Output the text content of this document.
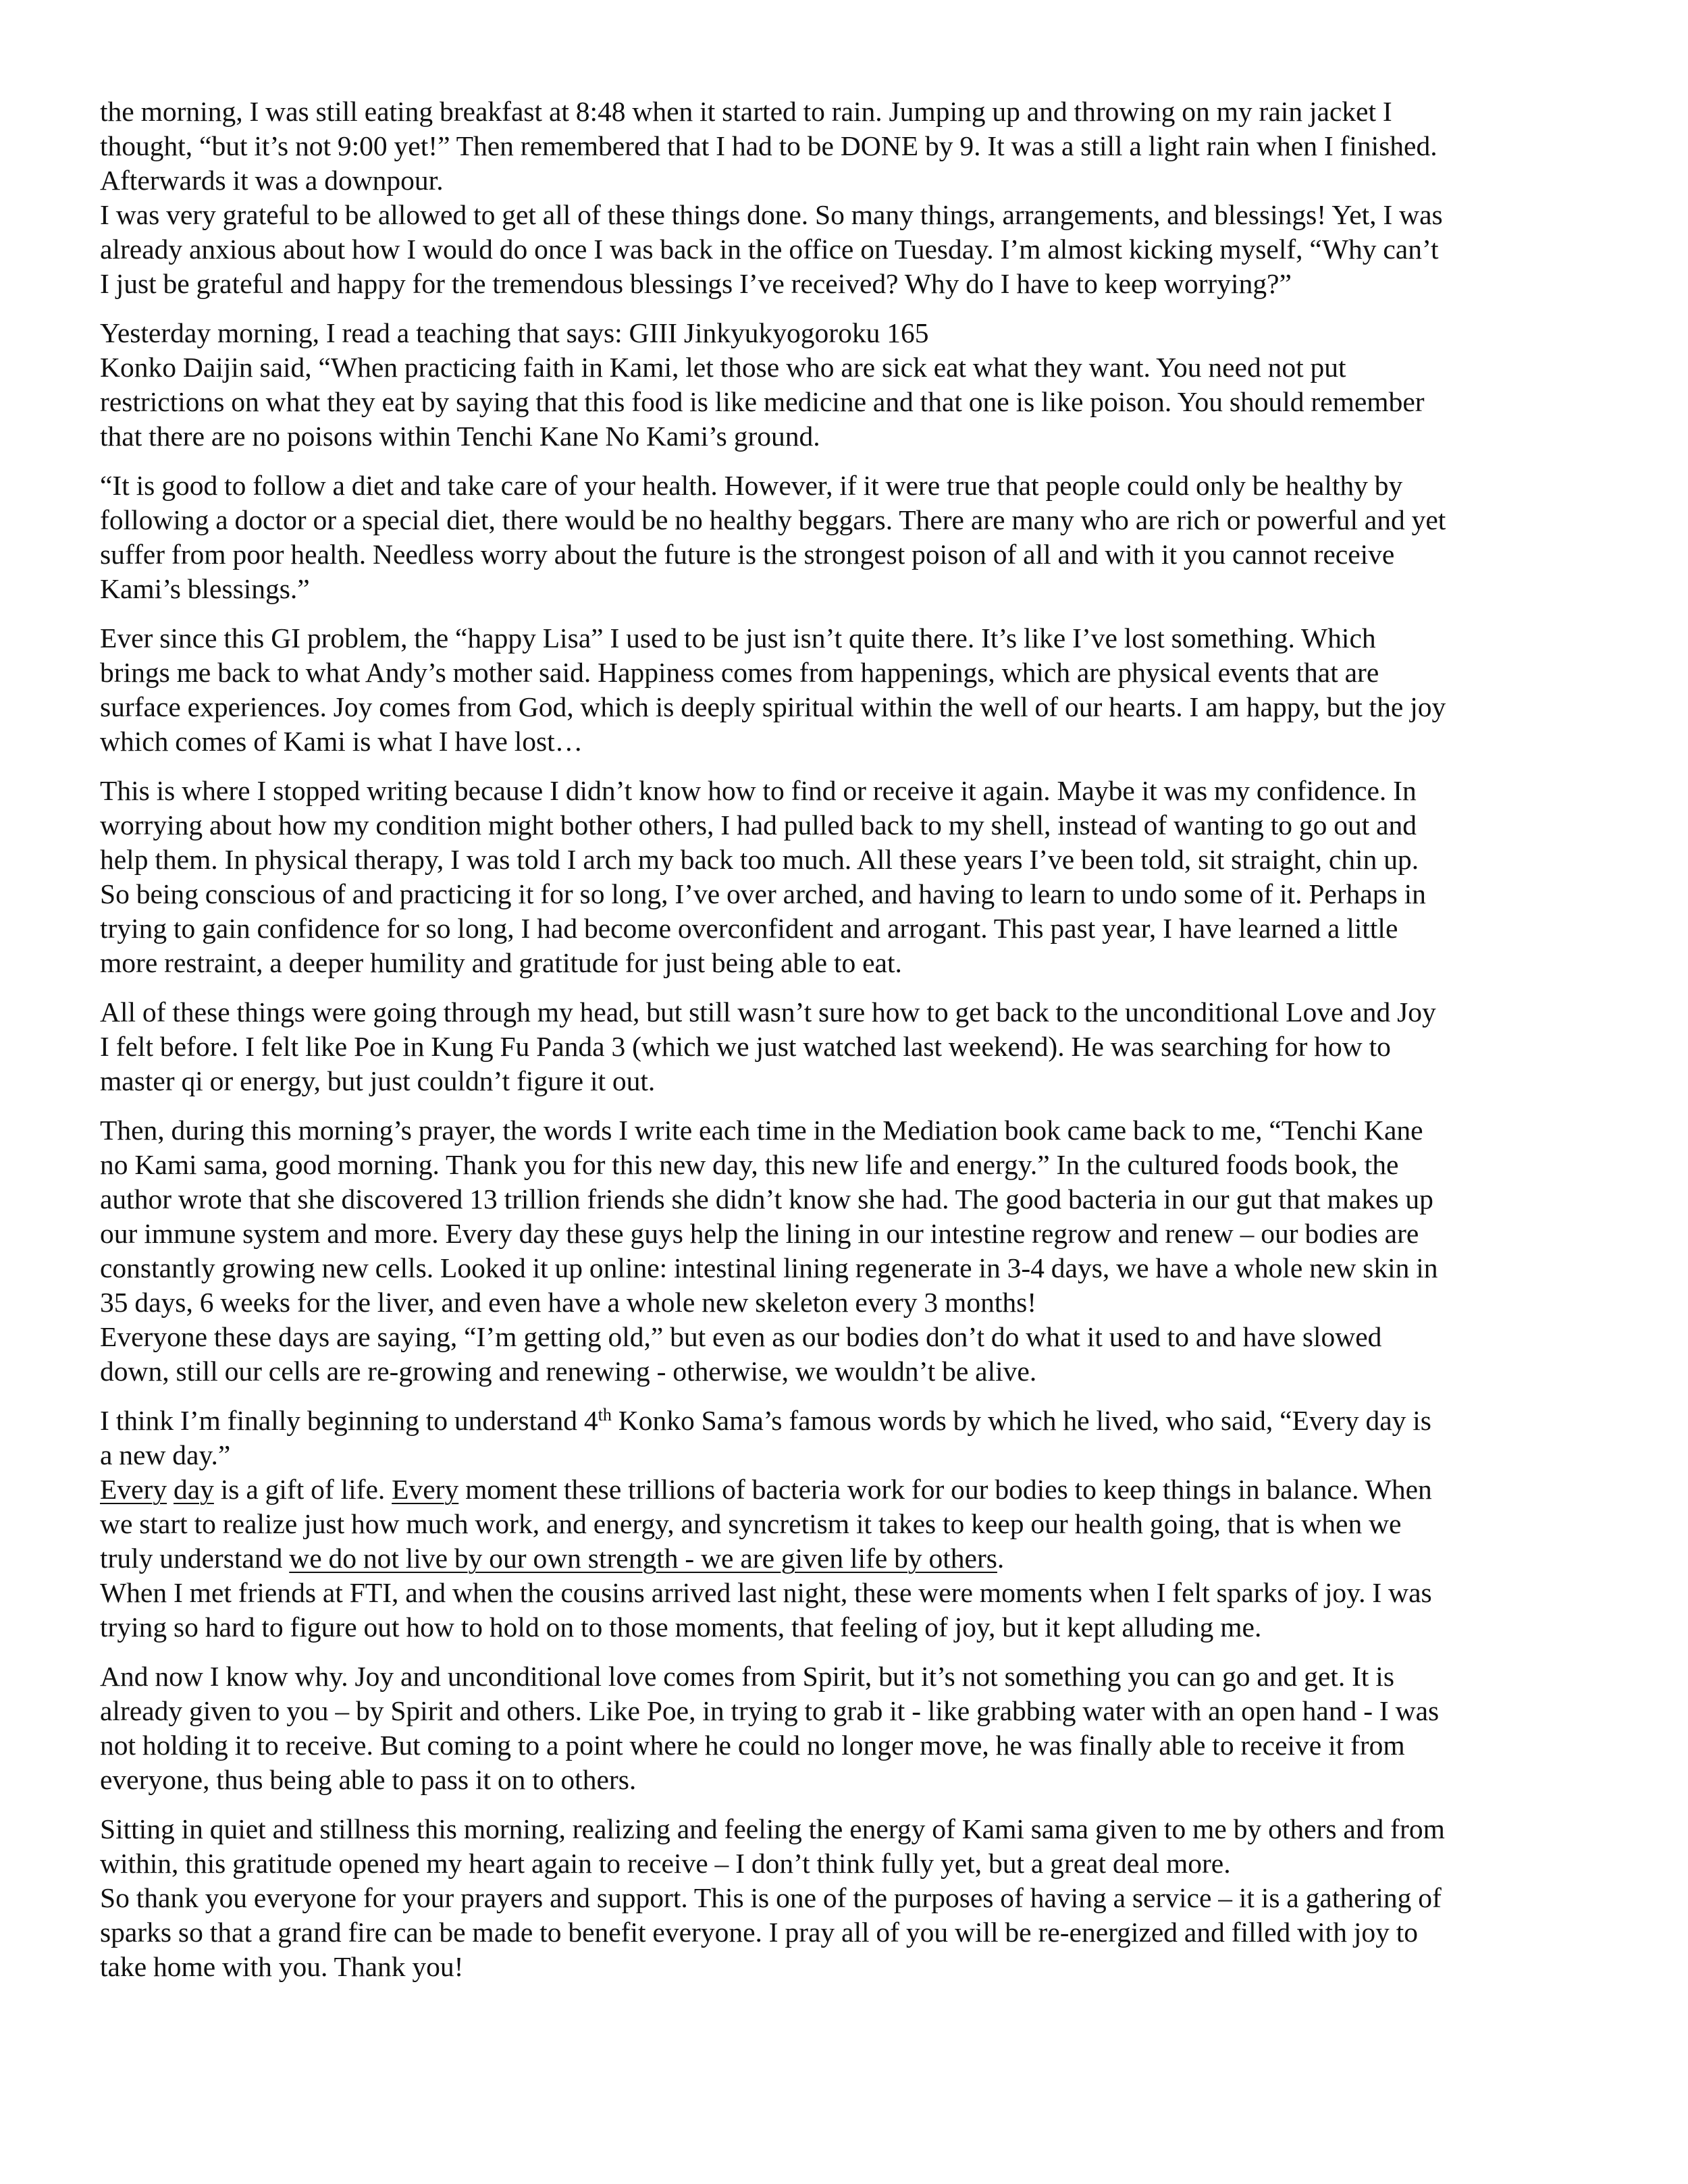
the morning, I was still eating breakfast at 8:48 when it started to rain. Jumping up and throwing on my rain jacket I
thought, “but it’s not 9:00 yet!” Then remembered that I had to be DONE by 9. It was a still a light rain when I finished.
Afterwards it was a downpour.
I was very grateful to be allowed to get all of these things done. So many things, arrangements, and blessings! Yet, I was
already anxious about how I would do once I was back in the office on Tuesday. I’m almost kicking myself, “Why can’t
I just be grateful and happy for the tremendous blessings I’ve received? Why do I have to keep worrying?”
Yesterday morning, I read a teaching that says: GIII Jinkyukyogoroku 165
Konko Daijin said, “When practicing faith in Kami, let those who are sick eat what they want. You need not put
restrictions on what they eat by saying that this food is like medicine and that one is like poison. You should remember
that there are no poisons within Tenchi Kane No Kami’s ground.
“It is good to follow a diet and take care of your health. However, if it were true that people could only be healthy by
following a doctor or a special diet, there would be no healthy beggars. There are many who are rich or powerful and yet
suffer from poor health. Needless worry about the future is the strongest poison of all and with it you cannot receive
Kami’s blessings.”
Ever since this GI problem, the “happy Lisa” I used to be just isn’t quite there. It’s like I’ve lost something. Which
brings me back to what Andy’s mother said. Happiness comes from happenings, which are physical events that are
surface experiences. Joy comes from God, which is deeply spiritual within the well of our hearts. I am happy, but the joy
which comes of Kami is what I have lost…
This is where I stopped writing because I didn’t know how to find or receive it again. Maybe it was my confidence. In
worrying about how my condition might bother others, I had pulled back to my shell, instead of wanting to go out and
help them. In physical therapy, I was told I arch my back too much. All these years I’ve been told, sit straight, chin up.
So being conscious of and practicing it for so long, I’ve over arched, and having to learn to undo some of it. Perhaps in
trying to gain confidence for so long, I had become overconfident and arrogant. This past year, I have learned a little
more restraint, a deeper humility and gratitude for just being able to eat.
All of these things were going through my head, but still wasn’t sure how to get back to the unconditional Love and Joy
I felt before. I felt like Poe in Kung Fu Panda 3 (which we just watched last weekend). He was searching for how to
master qi or energy, but just couldn’t figure it out.
Then, during this morning’s prayer, the words I write each time in the Mediation book came back to me, “Tenchi Kane
no Kami sama, good morning. Thank you for this new day, this new life and energy.” In the cultured foods book, the
author wrote that she discovered 13 trillion friends she didn’t know she had. The good bacteria in our gut that makes up
our immune system and more. Every day these guys help the lining in our intestine regrow and renew – our bodies are
constantly growing new cells. Looked it up online: intestinal lining regenerate in 3-4 days, we have a whole new skin in
35 days, 6 weeks for the liver, and even have a whole new skeleton every 3 months!
Everyone these days are saying, “I’m getting old,” but even as our bodies don’t do what it used to and have slowed
down, still our cells are re-growing and renewing - otherwise, we wouldn’t be alive.
I think I’m finally beginning to understand 4th Konko Sama’s famous words by which he lived, who said, “Every day is
a new day.”
Every day is a gift of life. Every moment these trillions of bacteria work for our bodies to keep things in balance. When
we start to realize just how much work, and energy, and syncretism it takes to keep our health going, that is when we
truly understand we do not live by our own strength - we are given life by others.
When I met friends at FTI, and when the cousins arrived last night, these were moments when I felt sparks of joy. I was
trying so hard to figure out how to hold on to those moments, that feeling of joy, but it kept alluding me.
And now I know why. Joy and unconditional love comes from Spirit, but it’s not something you can go and get. It is
already given to you – by Spirit and others. Like Poe, in trying to grab it - like grabbing water with an open hand - I was
not holding it to receive. But coming to a point where he could no longer move, he was finally able to receive it from
everyone, thus being able to pass it on to others.
Sitting in quiet and stillness this morning, realizing and feeling the energy of Kami sama given to me by others and from
within, this gratitude opened my heart again to receive – I don’t think fully yet, but a great deal more.
So thank you everyone for your prayers and support. This is one of the purposes of having a service – it is a gathering of
sparks so that a grand fire can be made to benefit everyone. I pray all of you will be re-energized and filled with joy to
take home with you. Thank you!
